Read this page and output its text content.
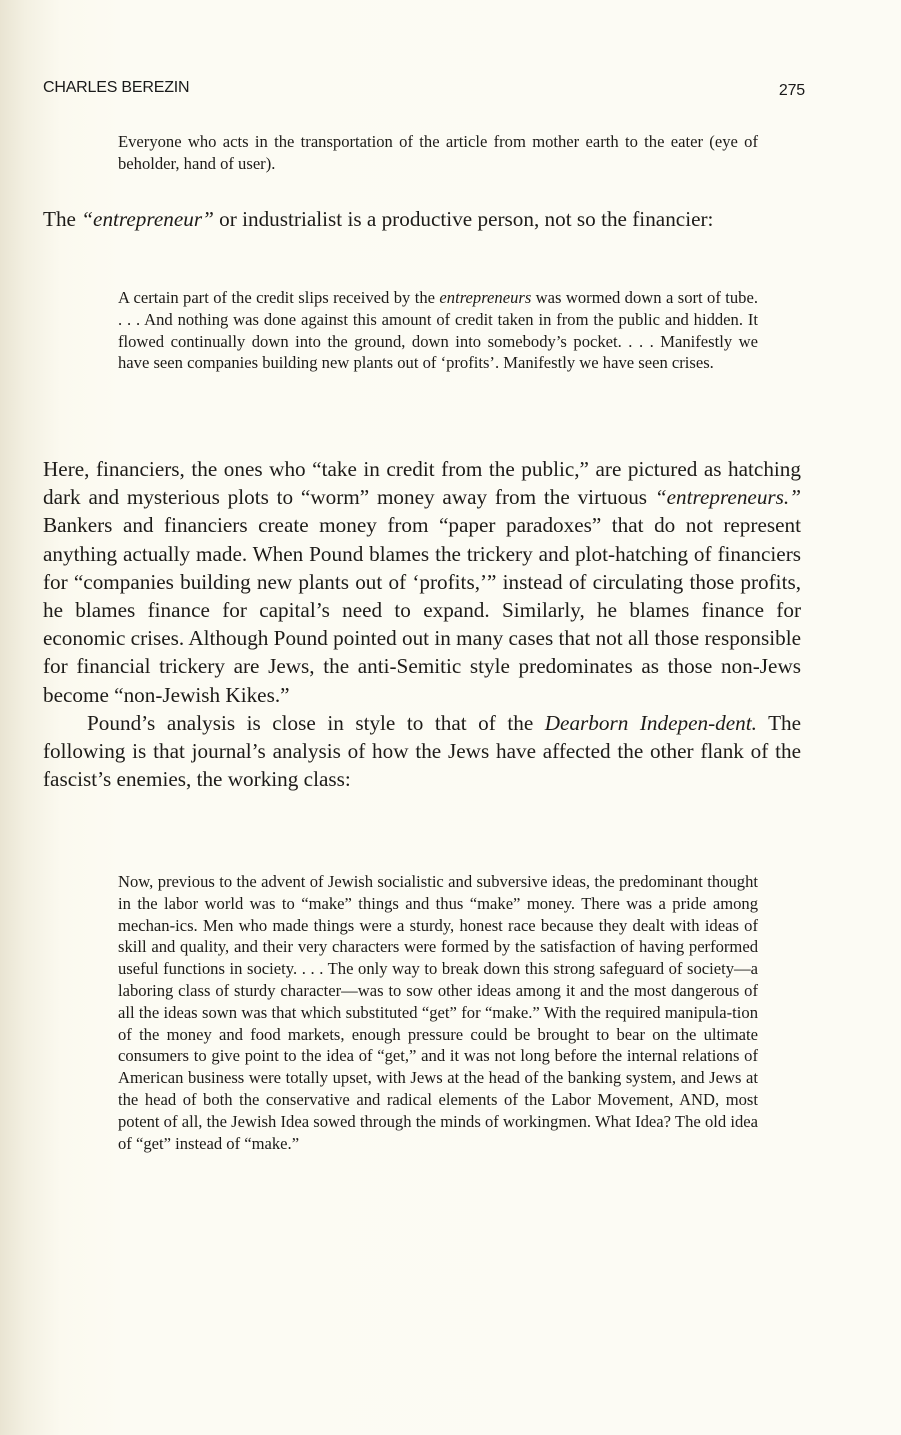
CHARLES BEREZIN	275

Everyone who acts in the transportation of the article from mother earth to the eater (eye of beholder, hand of user).

The “entrepreneur” or industrialist is a productive person, not so the financier:

A certain part of the credit slips received by the entrepreneurs was wormed down a sort of tube. . . . And nothing was done against this amount of credit taken in from the public and hidden. It flowed continually down into the ground, down into somebody’s pocket. . . . Manifestly we have seen companies building new plants out of ‘profits’. Manifestly we have seen crises.

Here, financiers, the ones who “take in credit from the public,” are pictured as hatching dark and mysterious plots to “worm” money away from the virtuous “entrepreneurs.” Bankers and financiers create money from “paper paradoxes” that do not represent anything actually made. When Pound blames the trickery and plot-hatching of financiers for “companies building new plants out of ‘profits,’” instead of circulating those profits, he blames finance for capital’s need to expand. Similarly, he blames finance for economic crises. Although Pound pointed out in many cases that not all those responsible for financial trickery are Jews, the anti-Semitic style predominates as those non-Jews become “non-Jewish Kikes.”

Pound’s analysis is close in style to that of the Dearborn Indepen-dent. The following is that journal’s analysis of how the Jews have affected the other flank of the fascist’s enemies, the working class:

Now, previous to the advent of Jewish socialistic and subversive ideas, the predominant thought in the labor world was to “make” things and thus “make” money. There was a pride among mechan-ics. Men who made things were a sturdy, honest race because they dealt with ideas of skill and quality, and their very characters were formed by the satisfaction of having performed useful functions in society. . . . The only way to break down this strong safeguard of society—a laboring class of sturdy character—was to sow other ideas among it and the most dangerous of all the ideas sown was that which substituted “get” for “make.” With the required manipula-tion of the money and food markets, enough pressure could be brought to bear on the ultimate consumers to give point to the idea of “get,” and it was not long before the internal relations of American business were totally upset, with Jews at the head of the banking system, and Jews at the head of both the conservative and radical elements of the Labor Movement, AND, most potent of all, the Jewish Idea sowed through the minds of workingmen. What Idea? The old idea of “get” instead of “make.”
